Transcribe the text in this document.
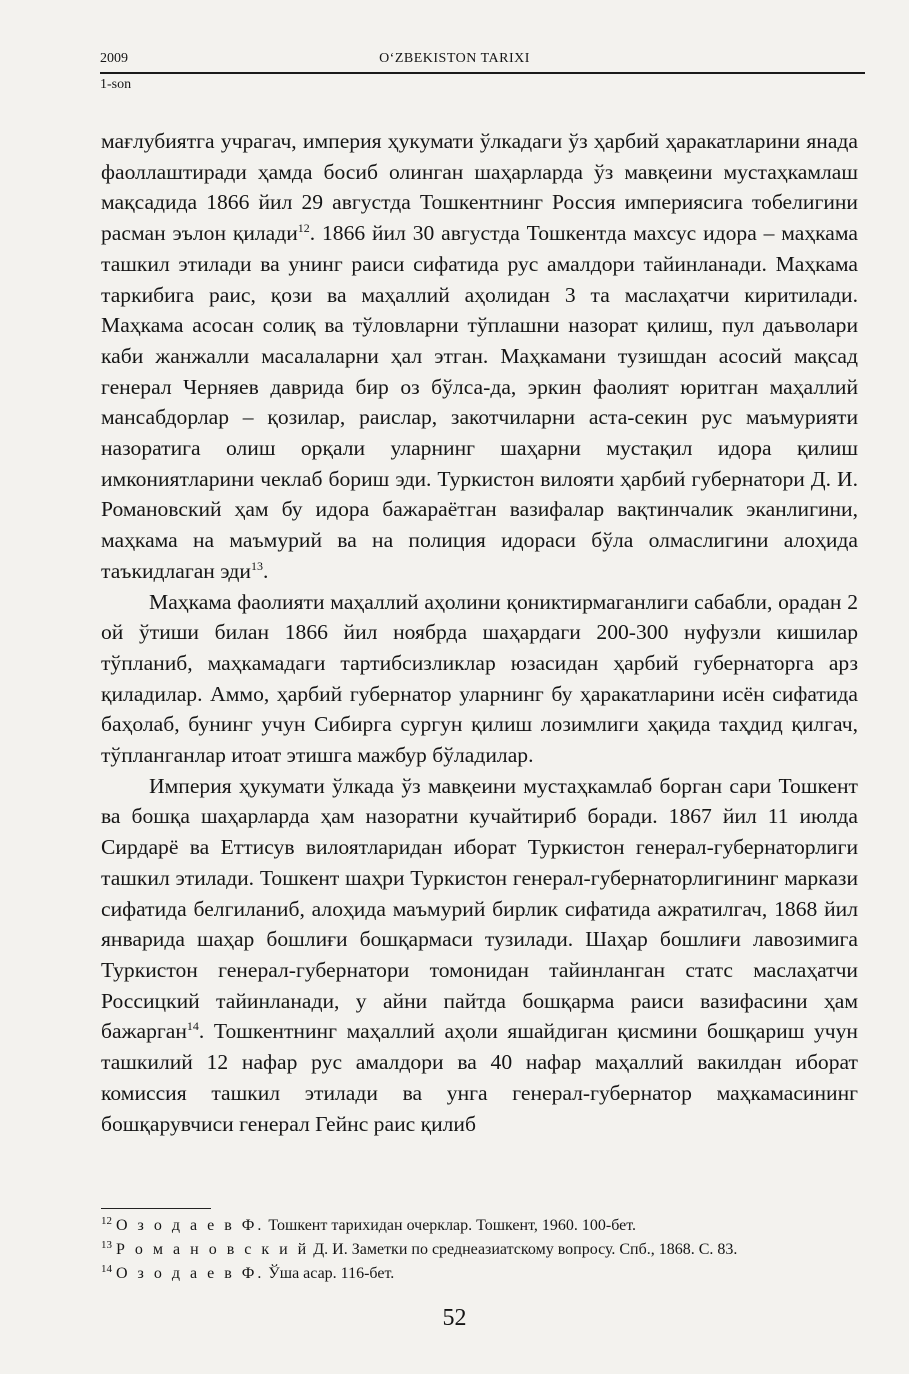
2009	O‘ZBEKISTON TARIXI
1-son

мағлубиятга учрагач, империя ҳукумати ўлкадаги ўз ҳарбий ҳаракатларини янада фаоллаштиради ҳамда босиб олинган шаҳарларда ўз мавқеини мустаҳкамлаш мақсадида 1866 йил 29 августда Тошкентнинг Россия империясига тобелигини расман эълон қилади$^{12}$. 1866 йил 30 августда Тошкентда махсус идора – маҳкама ташкил этилади ва унинг раиси сифатида рус амалдори тайинланади. Маҳкама таркибига раис, қози ва маҳаллий аҳолидан 3 та маслаҳатчи киритилади. Маҳкама асосан солиқ ва тўловларни тўплашни назорат қилиш, пул даъволари каби жанжалли масалаларни ҳал этган. Маҳкамани тузишдан асосий мақсад генерал Черняев даврида бир оз бўлса-да, эркин фаолият юритган маҳаллий мансабдорлар – қозилар, раислар, закотчиларни аста-секин рус маъмурияти назоратига олиш орқали уларнинг шаҳарни мустақил идора қилиш имкониятларини чеклаб бориш эди. Туркистон вилояти ҳарбий губернатори Д. И. Романовский ҳам бу идора бажараётган вазифалар вақтинчалик эканлигини, маҳкама на маъмурий ва на полиция идораси бўла олмаслигини алоҳида таъкидлаган эди$^{13}$.

Маҳкама фаолияти маҳаллий аҳолини қониктирмаганлиги сабабли, орадан 2 ой ўтиши билан 1866 йил ноябрда шаҳардаги 200-300 нуфузли кишилар тўпланиб, маҳкамадаги тартибсизликлар юзасидан ҳарбий губернаторга арз қиладилар. Аммо, ҳарбий губернатор уларнинг бу ҳаракатларини исён сифатида баҳолаб, бунинг учун Сибирга сургун қилиш лозимлиги ҳақида таҳдид қилгач, тўпланганлар итоат этишга мажбур бўладилар.

Империя ҳукумати ўлкада ўз мавқеини мустаҳкамлаб борган сари Тошкент ва бошқа шаҳарларда ҳам назоратни кучайтириб боради. 1867 йил 11 июлда Сирдарё ва Еттисув вилоятларидан иборат Туркистон генерал-губернаторлиги ташкил этилади. Тошкент шаҳри Туркистон генерал-губернаторлигининг маркази сифатида белгиланиб, алоҳида маъмурий бирлик сифатида ажратилгач, 1868 йил январида шаҳар бошлиғи бошқармаси тузилади. Шаҳар бошлиғи лавозимига Туркистон генерал-губернатори томонидан тайинланган статс маслаҳатчи Россицкий тайинланади, у айни пайтда бошқарма раиси вазифасини ҳам бажарган$^{14}$. Тошкентнинг маҳаллий аҳоли яшайдиган қисмини бошқариш учун ташкилий 12 нафар рус амалдори ва 40 нафар маҳаллий вакилдан иборат комиссия ташкил этилади ва унга генерал-губернатор маҳкамасининг бошқарувчиси генерал Гейнс раис қилиб

$^{12}$ О з о д а е в Ф. Тошкент тарихидан очерклар. Тошкент, 1960. 100-бет.
$^{13}$ Р о м а н о в с к и й Д. И. Заметки по среднеазиатскому вопросу. Спб., 1868. С. 83.
$^{14}$ О з о д а е в Ф. Ўша асар. 116-бет.
52
